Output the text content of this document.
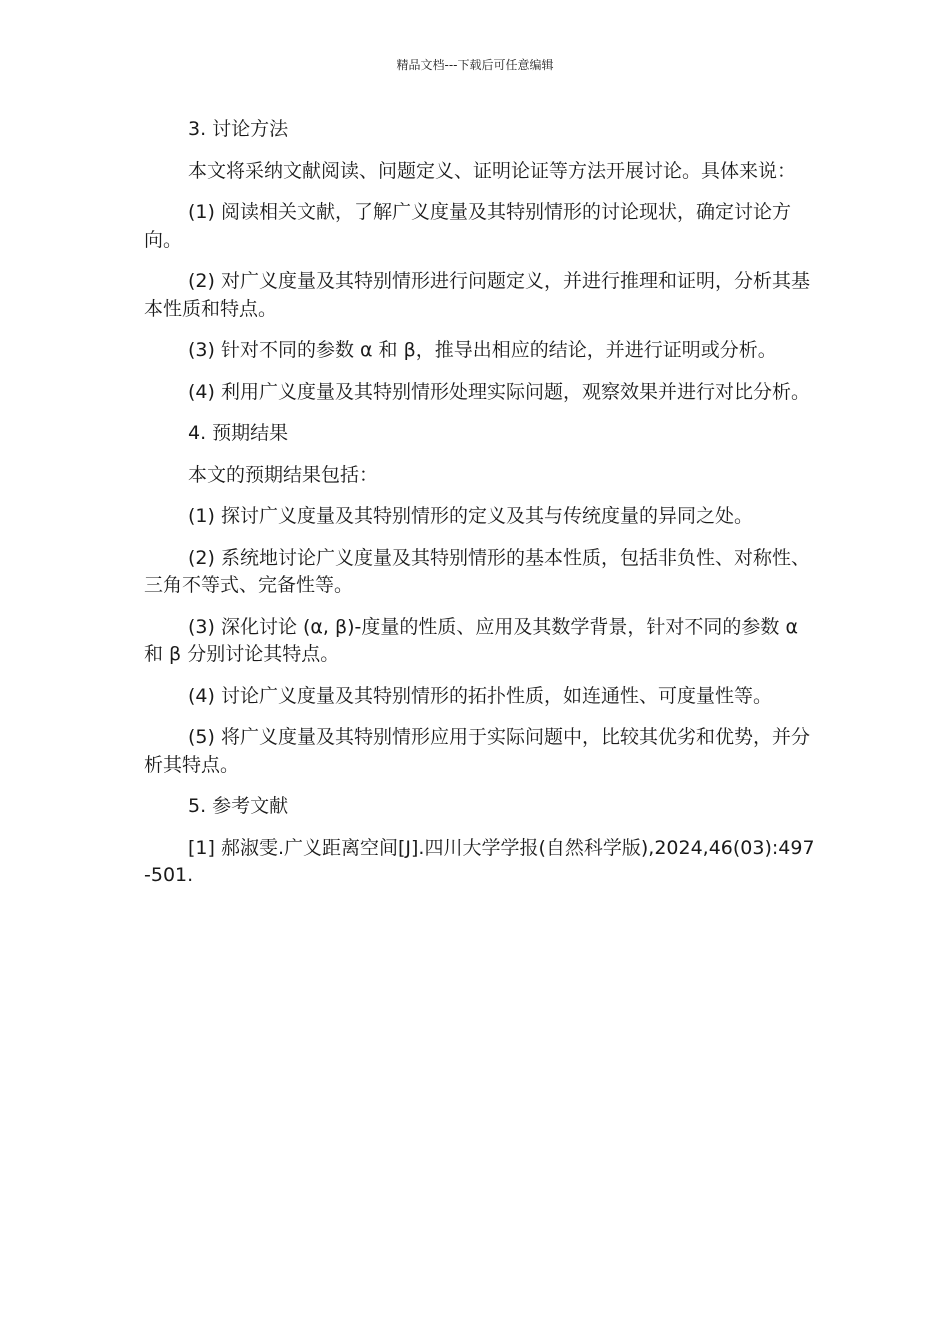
精品文档---下载后可任意编辑

3. 讨论方法

本文将采纳文献阅读、问题定义、证明论证等方法开展讨论。具体来说：

(1) 阅读相关文献，了解广义度量及其特别情形的讨论现状，确定讨论方向。

(2) 对广义度量及其特别情形进行问题定义，并进行推理和证明，分析其基本性质和特点。

(3) 针对不同的参数 α 和 β，推导出相应的结论，并进行证明或分析。

(4) 利用广义度量及其特别情形处理实际问题，观察效果并进行对比分析。

4. 预期结果

本文的预期结果包括：

(1) 探讨广义度量及其特别情形的定义及其与传统度量的异同之处。

(2) 系统地讨论广义度量及其特别情形的基本性质，包括非负性、对称性、三角不等式、完备性等。

(3) 深化讨论 (α, β)-度量的性质、应用及其数学背景，针对不同的参数 α 和 β 分别讨论其特点。

(4) 讨论广义度量及其特别情形的拓扑性质，如连通性、可度量性等。

(5) 将广义度量及其特别情形应用于实际问题中，比较其优劣和优势，并分析其特点。

5. 参考文献

[1] 郝淑雯.广义距离空间[J].四川大学学报(自然科学版),2024,46(03):497-501.
